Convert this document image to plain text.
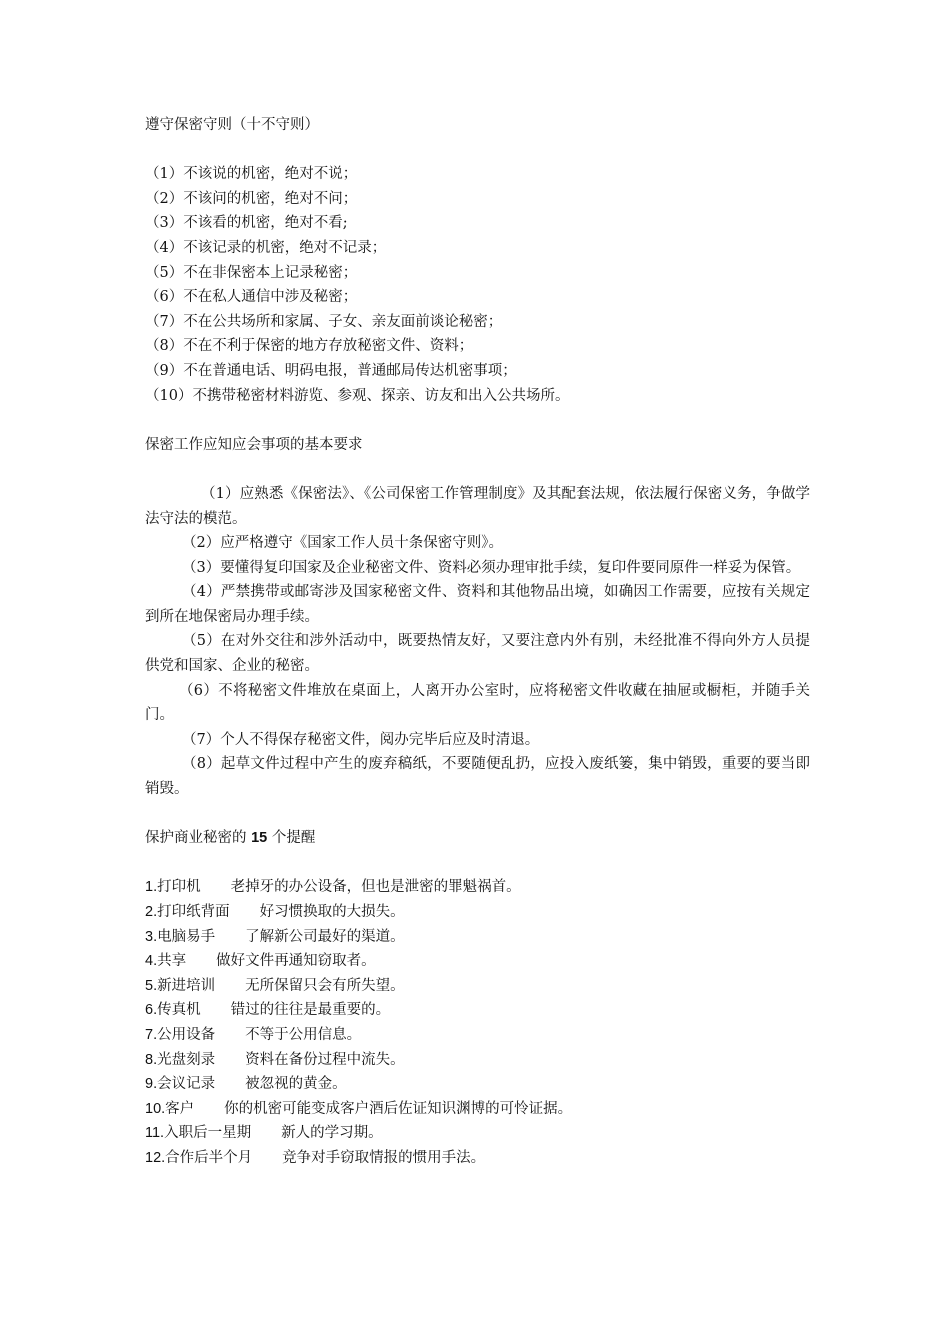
遵守保密守则（十不守则）

（1）不该说的机密，绝对不说；
（2）不该问的机密，绝对不问；
（3）不该看的机密，绝对不看;
（4）不该记录的机密，绝对不记录；
（5）不在非保密本上记录秘密；
（6）不在私人通信中涉及秘密；
（7）不在公共场所和家属、子女、亲友面前谈论秘密；
（8）不在不利于保密的地方存放秘密文件、资料；
（9）不在普通电话、明码电报，普通邮局传达机密事项；
（10）不携带秘密材料游览、参观、探亲、访友和出入公共场所。

保密工作应知应会事项的基本要求

（1）应熟悉《保密法》、《公司保密工作管理制度》及其配套法规，依法履行保密义务，争做学法守法的模范。

（2）应严格遵守《国家工作人员十条保密守则》。

（3）要懂得复印国家及企业秘密文件、资料必须办理审批手续，复印件要同原件一样妥为保管。

（4）严禁携带或邮寄涉及国家秘密文件、资料和其他物品出境，如确因工作需要，应按有关规定到所在地保密局办理手续。

（5）在对外交往和涉外活动中，既要热情友好，又要注意内外有别，未经批准不得向外方人员提供党和国家、企业的秘密。

（6）不将秘密文件堆放在桌面上，人离开办公室时，应将秘密文件收藏在抽屉或橱柜，并随手关门。

（7）个人不得保存秘密文件，阅办完毕后应及时清退。

（8）起草文件过程中产生的废弃稿纸，不要随便乱扔，应投入废纸篓，集中销毁，重要的要当即销毁。

保护商业秘密的 15 个提醒

1.打印机 老掉牙的办公设备，但也是泄密的罪魁祸首。
2.打印纸背面 好习惯换取的大损失。
3.电脑易手 了解新公司最好的渠道。
4.共享 做好文件再通知窃取者。
5.新进培训 无所保留只会有所失望。
6.传真机 错过的往往是最重要的。
7.公用设备 不等于公用信息。
8.光盘刻录 资料在备份过程中流失。
9.会议记录 被忽视的黄金。
10.客户 你的机密可能变成客户酒后佐证知识渊博的可怜证据。
11.入职后一星期 新人的学习期。
12.合作后半个月 竞争对手窃取情报的惯用手法。
